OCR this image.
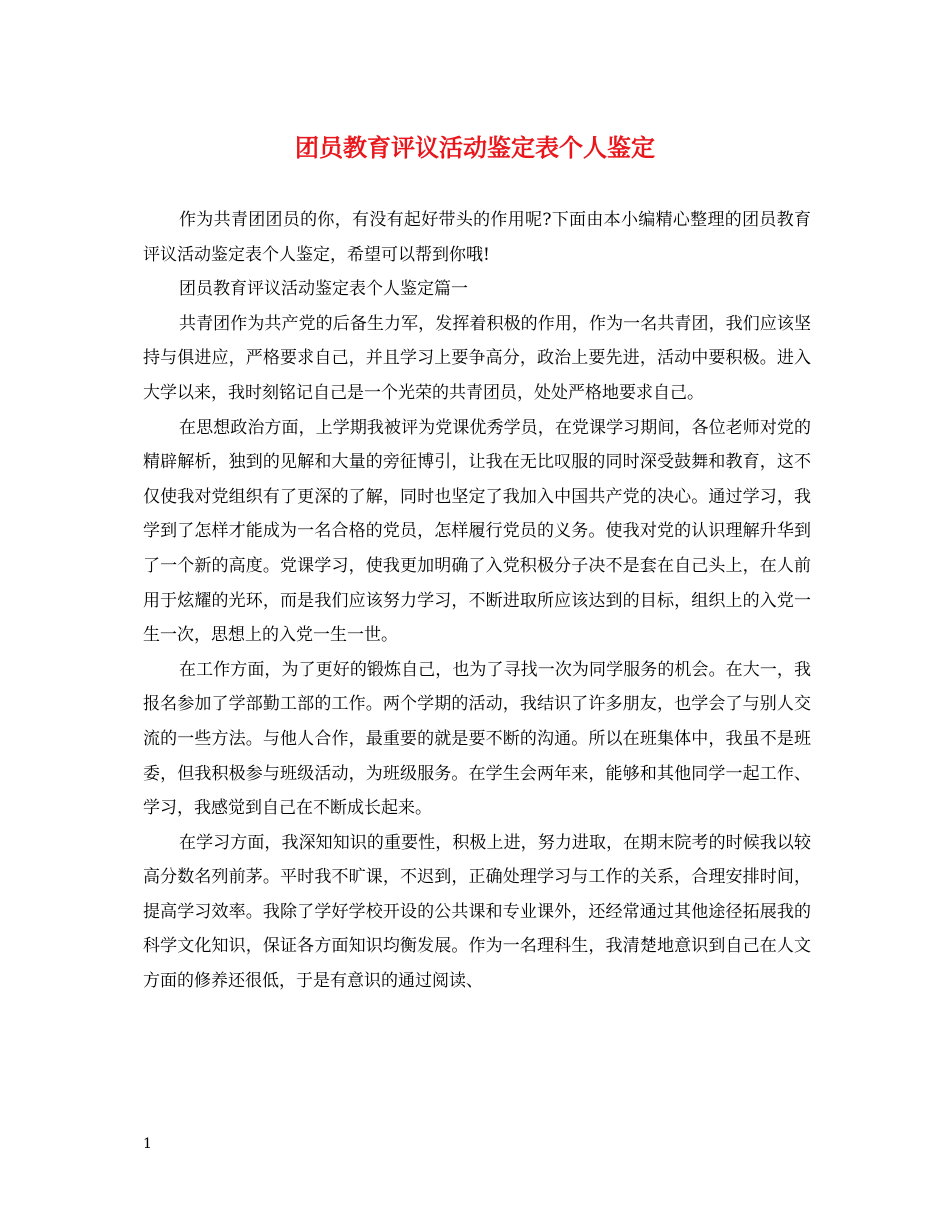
团员教育评议活动鉴定表个人鉴定

作为共青团团员的你，有没有起好带头的作用呢?下面由本小编精心整理的团员教育评议活动鉴定表个人鉴定，希望可以帮到你哦!

团员教育评议活动鉴定表个人鉴定篇一

共青团作为共产党的后备生力军，发挥着积极的作用，作为一名共青团，我们应该坚持与俱进应，严格要求自己，并且学习上要争高分，政治上要先进，活动中要积极。进入大学以来，我时刻铭记自己是一个光荣的共青团员，处处严格地要求自己。

在思想政治方面，上学期我被评为党课优秀学员，在党课学习期间，各位老师对党的精辟解析，独到的见解和大量的旁征博引，让我在无比叹服的同时深受鼓舞和教育，这不仅使我对党组织有了更深的了解，同时也坚定了我加入中国共产党的决心。通过学习，我学到了怎样才能成为一名合格的党员，怎样履行党员的义务。使我对党的认识理解升华到了一个新的高度。党课学习，使我更加明确了入党积极分子决不是套在自己头上，在人前用于炫耀的光环，而是我们应该努力学习，不断进取所应该达到的目标，组织上的入党一生一次，思想上的入党一生一世。

在工作方面，为了更好的锻炼自己，也为了寻找一次为同学服务的机会。在大一，我报名参加了学部勤工部的工作。两个学期的活动，我结识了许多朋友，也学会了与别人交流的一些方法。与他人合作，最重要的就是要不断的沟通。所以在班集体中，我虽不是班委，但我积极参与班级活动，为班级服务。在学生会两年来，能够和其他同学一起工作、学习，我感觉到自己在不断成长起来。

在学习方面，我深知知识的重要性，积极上进，努力进取，在期末院考的时候我以较高分数名列前茅。平时我不旷课，不迟到，正确处理学习与工作的关系，合理安排时间，提高学习效率。我除了学好学校开设的公共课和专业课外，还经常通过其他途径拓展我的科学文化知识，保证各方面知识均衡发展。作为一名理科生，我清楚地意识到自己在人文方面的修养还很低，于是有意识的通过阅读、

1
